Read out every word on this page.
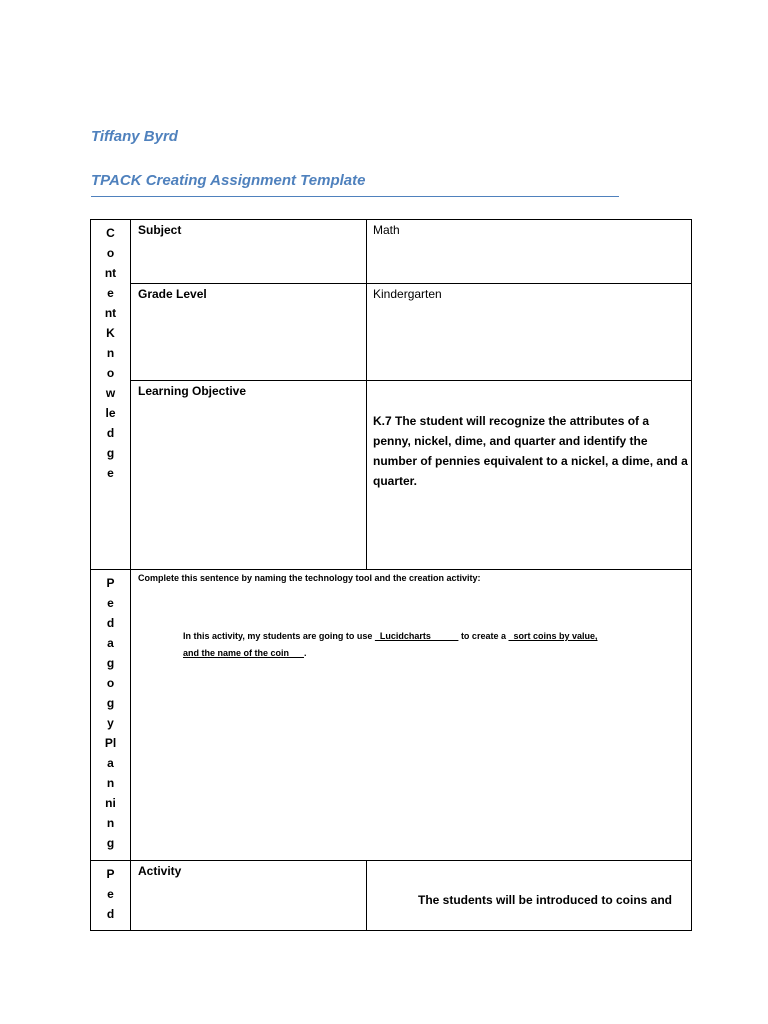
Tiffany Byrd
TPACK Creating Assignment Template
C
o
nt
e
nt
K
n
o
w
le
d
g
e
Subject	Math
Grade Level	Kindergarten
Learning Objective
K.7 The student will recognize the attributes of a penny, nickel, dime, and quarter and identify the number of pennies equivalent to a nickel, a dime, and a quarter.
P
e
d
a
g
o
g
y
Pl
a
n
ni
n
g
Complete this sentence by naming the technology tool and the creation activity:
In this activity, my students are going to use   Lucidcharts            to create a   sort coins by value,
and the name of the coin      .
P
e
d
Activity
The students will be introduced to coins and
